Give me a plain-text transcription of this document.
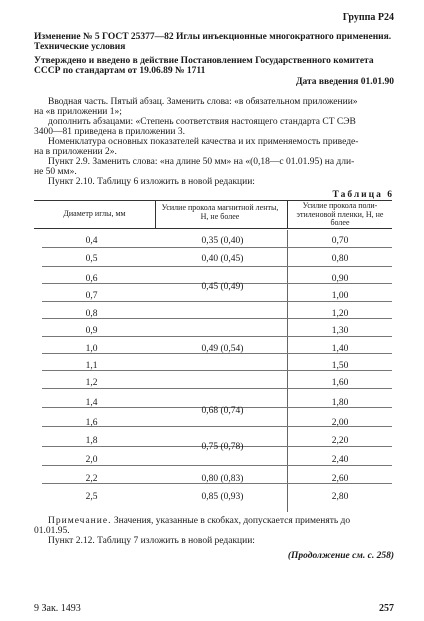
Группа Р24
Изменение № 5 ГОСТ 25377—82 Иглы инъекционные многократного применения.
Технические условия
Утверждено и введено в действие Постановлением Государственного комитета
СССР по стандартам от 19.06.89 № 1711
Дата введения 01.01.90
Вводная часть. Пятый абзац. Заменить слова: «в обязательном приложении»
на «в приложении 1»;
дополнить абзацами: «Степень соответствия настоящего стандарта СТ СЭВ
3400—81 приведена в приложении 3.
Номенклатура основных показателей качества и их применяемость приведе-
на в приложении 2».
Пункт 2.9. Заменить слова: «на длине 50 мм» на «(0,18—с 01.01.95) на дли-
не 50 мм».
Пункт 2.10. Таблицу 6 изложить в новой редакции:
Таблица 6
Диаметр иглы, мм
Усилие прокола магнитной ленты, Н, не более
Усилие прокола поли-этиленовой пленки, Н, не более
0,4
0,5
0,6
0,7
0,8
0,9
1,0
1,1
1,2
1,4
1,6
1,8
2,0
2,2
2,5
0,70
0,80
0,90
1,00
1,20
1,30
1,40
1,50
1,60
1,80
2,00
2,20
2,40
2,60
2,80
0,35 (0,40)
0,40 (0,45)
0,45 (0,49)
0,49 (0,54)
0,68 (0,74)
0,75 (0,78)
0,80 (0,83)
0,85 (0,93)
Примечание. Значения, указанные в скобках, допускается применять до
01.01.95.
Пункт 2.12. Таблицу 7 изложить в новой редакции:
(Продолжение см. с. 258)
9 Зак. 1493	257
